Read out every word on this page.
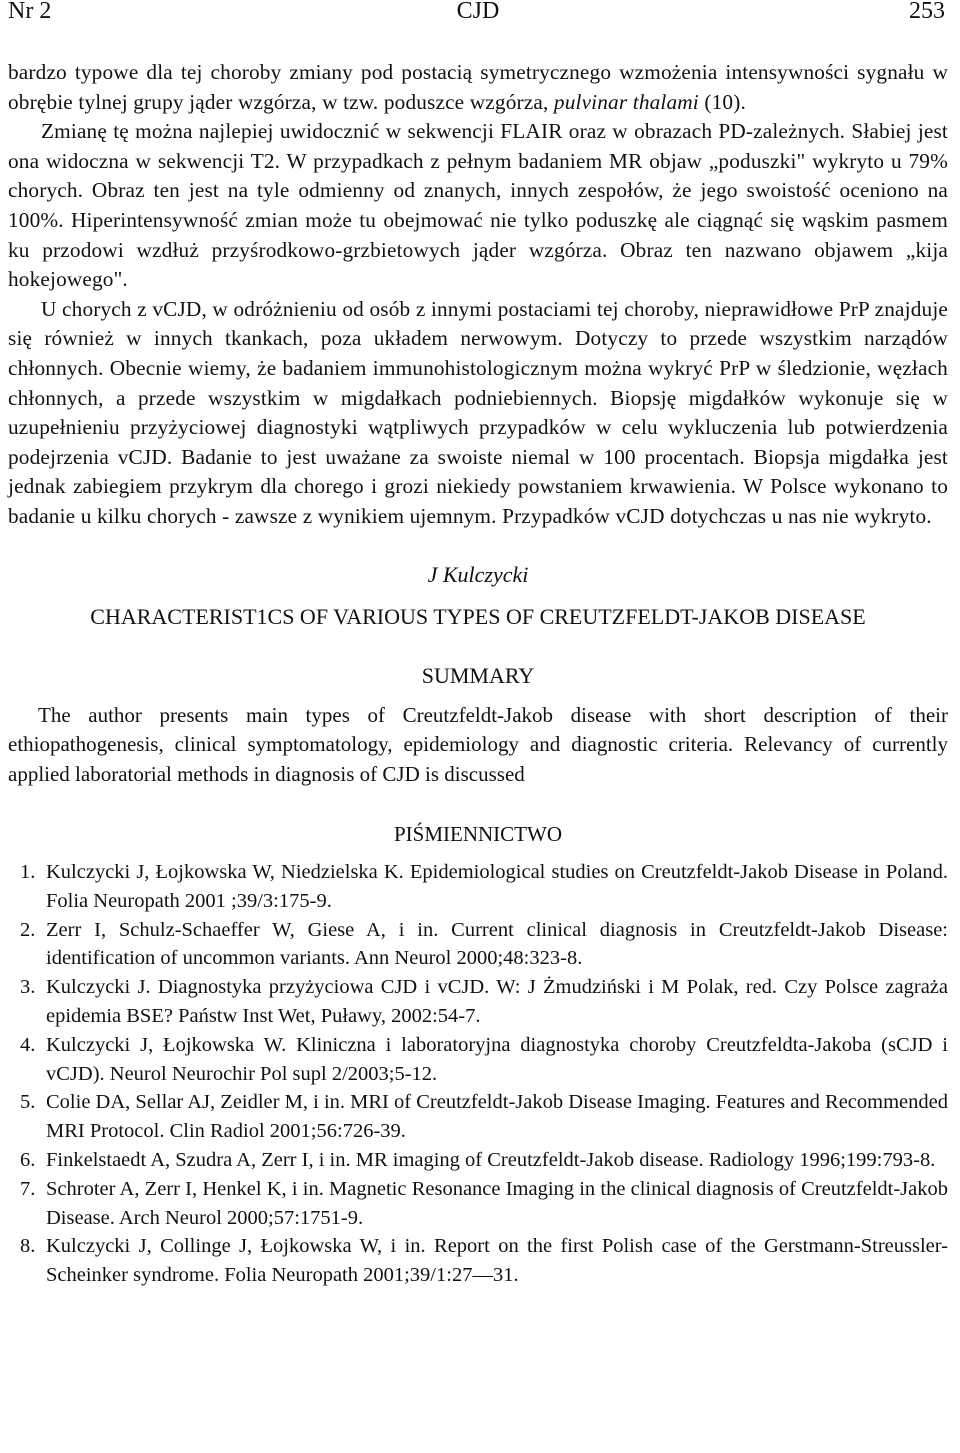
Nr 2	CJD	253

bardzo typowe dla tej choroby zmiany pod postacią symetrycznego wzmożenia intensywności sygnału w obrębie tylnej grupy jąder wzgórza, w tzw. poduszce wzgórza, pulvinar thalami (10).

Zmianę tę można najlepiej uwidocznić w sekwencji FLAIR oraz w obrazach PD-zależnych. Słabiej jest ona widoczna w sekwencji T2. W przypadkach z pełnym badaniem MR objaw „poduszki" wykryto u 79% chorych. Obraz ten jest na tyle odmienny od znanych, innych zespołów, że jego swoistość oceniono na 100%. Hiperintensywność zmian może tu obejmować nie tylko poduszkę ale ciągnąć się wąskim pasmem ku przodowi wzdłuż przyśrodkowo-grzbietowych jąder wzgórza. Obraz ten nazwano objawem „kija hokejowego".

U chorych z vCJD, w odróżnieniu od osób z innymi postaciami tej choroby, nieprawidłowe PrP znajduje się również w innych tkankach, poza układem nerwowym. Dotyczy to przede wszystkim narządów chłonnych. Obecnie wiemy, że badaniem immunohistologicznym można wykryć PrP w śledzionie, węzłach chłonnych, a przede wszystkim w migdałkach podniebiennych. Biopsję migdałków wykonuje się w uzupełnieniu przyżyciowej diagnostyki wątpliwych przypadków w celu wykluczenia lub potwierdzenia podejrzenia vCJD. Badanie to jest uważane za swoiste niemal w 100 procentach. Biopsja migdałka jest jednak zabiegiem przykrym dla chorego i grozi niekiedy powstaniem krwawienia. W Polsce wykonano to badanie u kilku chorych - zawsze z wynikiem ujemnym. Przypadków vCJD dotychczas u nas nie wykryto.

J Kulczycki
CHARACTERIST1CS OF VARIOUS TYPES OF CREUTZFELDT-JAKOB DISEASE
SUMMARY
The author presents main types of Creutzfeldt-Jakob disease with short description of their ethiopathogenesis, clinical symptomatology, epidemiology and diagnostic criteria. Relevancy of currently applied laboratorial methods in diagnosis of CJD is discussed
PIŚMIENNICTWO
1. Kulczycki J, Łojkowska W, Niedzielska K. Epidemiological studies on Creutzfeldt-Jakob Disease in Poland. Folia Neuropath 2001 ;39/3:175-9.
2. Zerr I, Schulz-Schaeffer W, Giese A, i in. Current clinical diagnosis in Creutzfeldt-Jakob Disease: identification of uncommon variants. Ann Neurol 2000;48:323-8.
3. Kulczycki J. Diagnostyka przyżyciowa CJD i vCJD. W: J Żmudziński i M Polak, red. Czy Polsce zagraża epidemia BSE? Państw Inst Wet, Puławy, 2002:54-7.
4. Kulczycki J, Łojkowska W. Kliniczna i laboratoryjna diagnostyka choroby Creutzfeldta-Jakoba (sCJD i vCJD). Neurol Neurochir Pol supl 2/2003;5-12.
5. Colie DA, Sellar AJ, Zeidler M, i in. MRI of Creutzfeldt-Jakob Disease Imaging. Features and Recommended MRI Protocol. Clin Radiol 2001;56:726-39.
6. Finkelstaedt A, Szudra A, Zerr I, i in. MR imaging of Creutzfeldt-Jakob disease. Radiology 1996;199:793-8.
7. Schroter A, Zerr I, Henkel K, i in. Magnetic Resonance Imaging in the clinical diagnosis of Creutzfeldt-Jakob Disease. Arch Neurol 2000;57:1751-9.
8. Kulczycki J, Collinge J, Łojkowska W, i in. Report on the first Polish case of the Gerstmann-Streussler-Scheinker syndrome. Folia Neuropath 2001;39/1:27—31.
